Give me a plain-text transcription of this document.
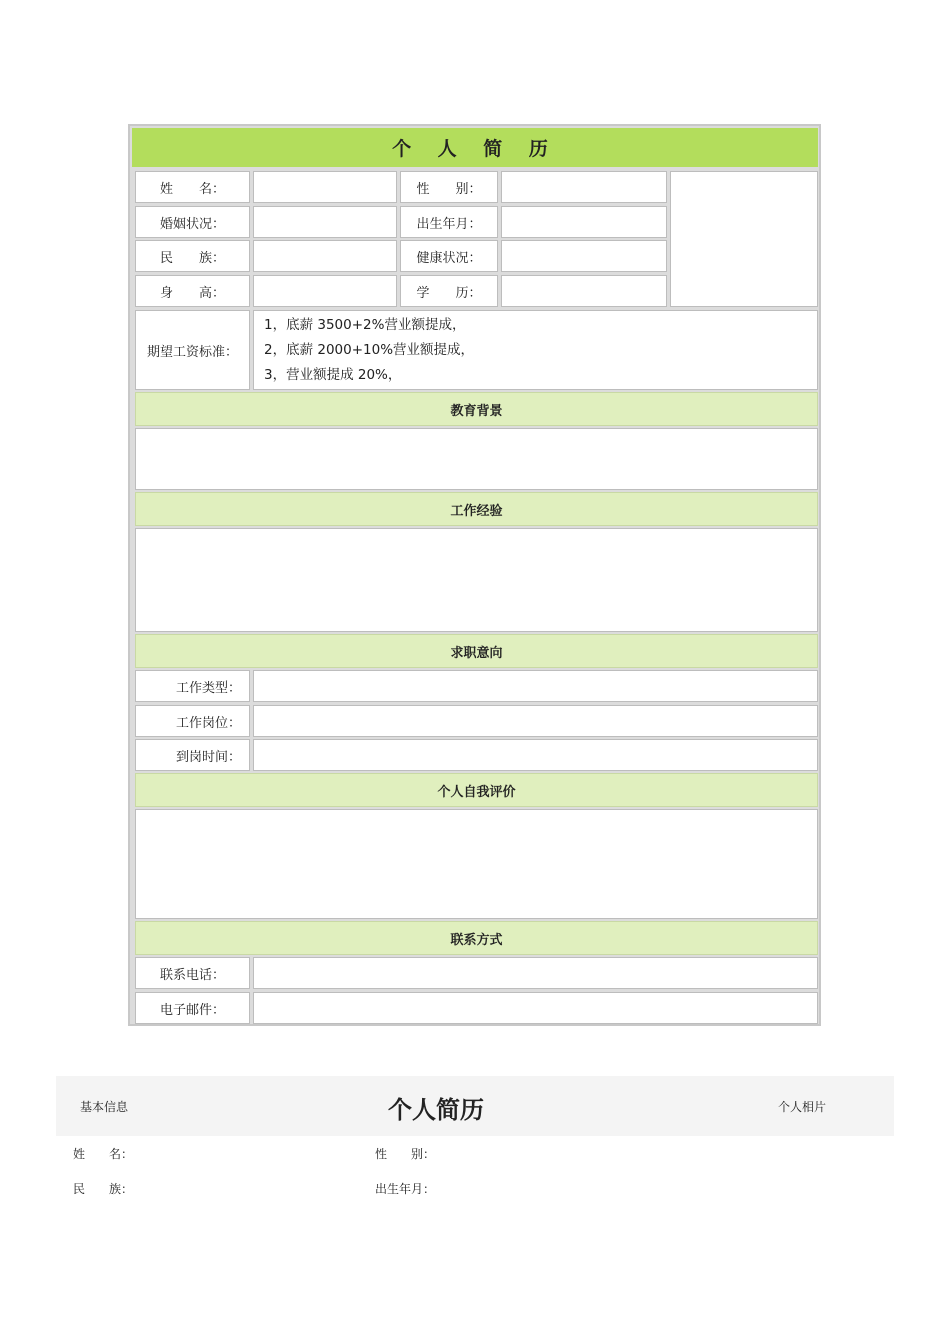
个 人 简 历
姓　　名：	性　　别：
婚姻状况：	出生年月：
民　　族：	健康状况：
身　　高：	学　　历：
期望工资标准：
1，底薪 3500+2%营业额提成，
2，底薪 2000+10%营业额提成，
3，营业额提成 20%，
教育背景
工作经验
求职意向
工作类型：
工作岗位：
到岗时间：
个人自我评价
联系方式
联系电话：
电子邮件：
基本信息	个人简历	个人相片
姓　　名：	性　　别：
民　　族：	出生年月：
